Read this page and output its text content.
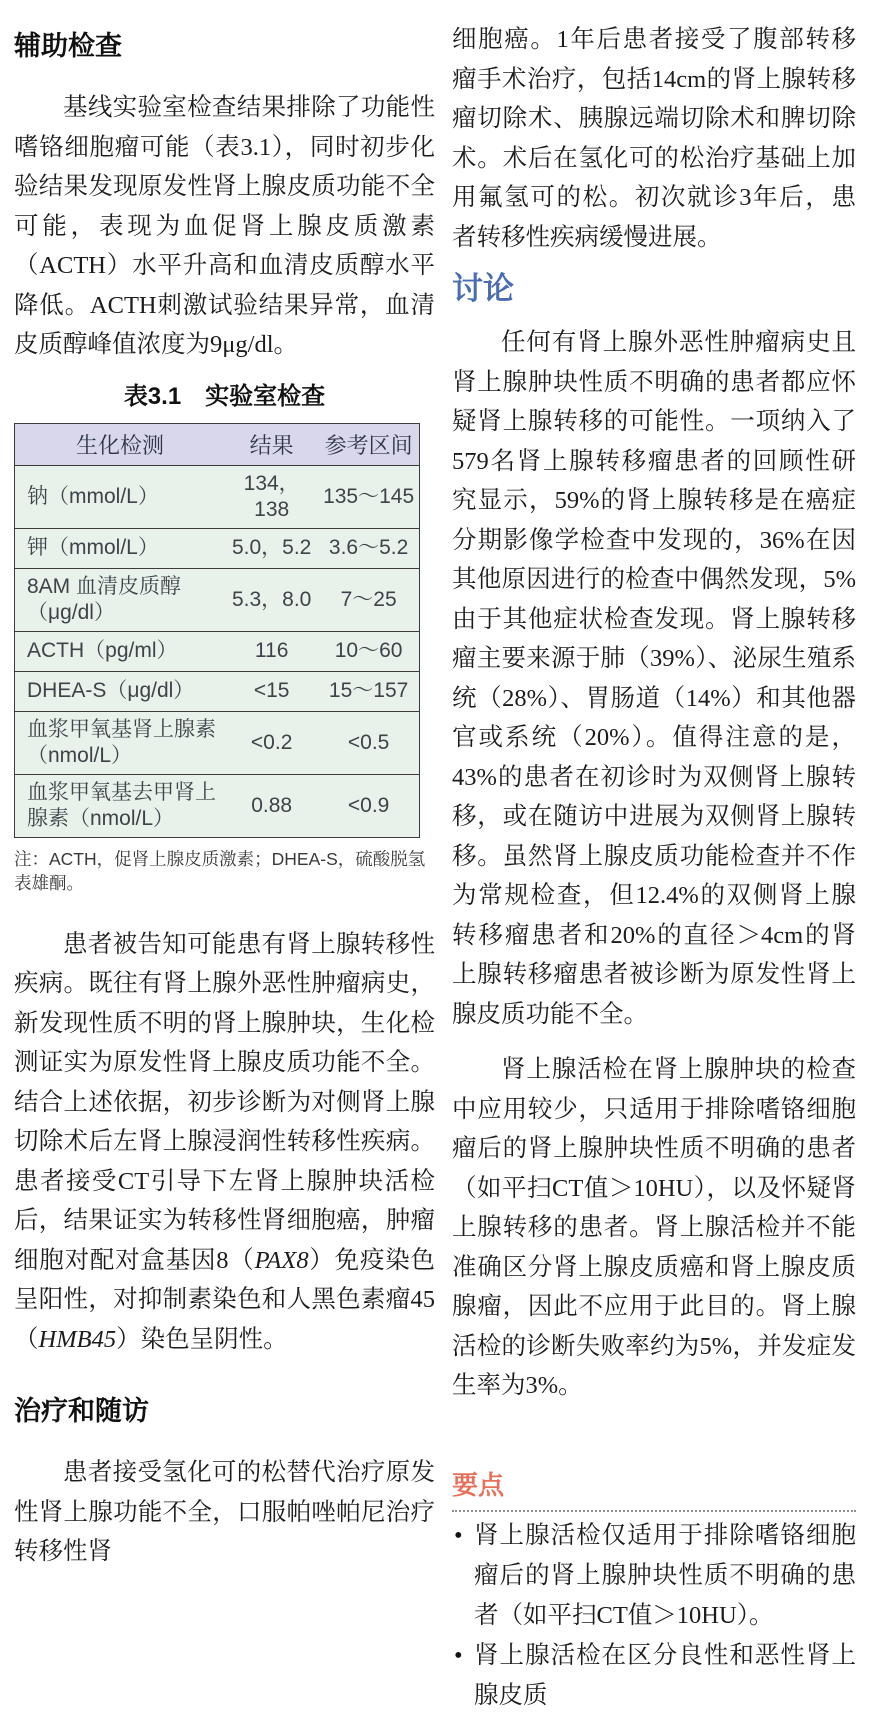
辅助检查

基线实验室检查结果排除了功能性嗜铬细胞瘤可能（表3.1），同时初步化验结果发现原发性肾上腺皮质功能不全可能，表现为血促肾上腺皮质激素（ACTH）水平升高和血清皮质醇水平降低。ACTH刺激试验结果异常，血清皮质醇峰值浓度为9μg/dl。

表3.1　实验室检查
生化检测	结果	参考区间
钠（mmol/L）	134，138	135～145
钾（mmol/L）	5.0，5.2	3.6～5.2
8AM 血清皮质醇（μg/dl）	5.3，8.0	7～25
ACTH（pg/ml）	116	10～60
DHEA-S（μg/dl）	<15	15～157
血浆甲氧基肾上腺素（nmol/L）	<0.2	<0.5
血浆甲氧基去甲肾上腺素（nmol/L）	0.88	<0.9
注：ACTH，促肾上腺皮质激素；DHEA-S，硫酸脱氢表雄酮。

患者被告知可能患有肾上腺转移性疾病。既往有肾上腺外恶性肿瘤病史，新发现性质不明的肾上腺肿块，生化检测证实为原发性肾上腺皮质功能不全。结合上述依据，初步诊断为对侧肾上腺切除术后左肾上腺浸润性转移性疾病。患者接受CT引导下左肾上腺肿块活检后，结果证实为转移性肾细胞癌，肿瘤细胞对配对盒基因8（PAX8）免疫染色呈阳性，对抑制素染色和人黑色素瘤45（HMB45）染色呈阴性。

治疗和随访

患者接受氢化可的松替代治疗原发性肾上腺功能不全，口服帕唑帕尼治疗转移性肾

细胞癌。1年后患者接受了腹部转移瘤手术治疗，包括14cm的肾上腺转移瘤切除术、胰腺远端切除术和脾切除术。术后在氢化可的松治疗基础上加用氟氢可的松。初次就诊3年后，患者转移性疾病缓慢进展。

讨论

任何有肾上腺外恶性肿瘤病史且肾上腺肿块性质不明确的患者都应怀疑肾上腺转移的可能性。一项纳入了579名肾上腺转移瘤患者的回顾性研究显示，59%的肾上腺转移是在癌症分期影像学检查中发现的，36%在因其他原因进行的检查中偶然发现，5%由于其他症状检查发现。肾上腺转移瘤主要来源于肺（39%）、泌尿生殖系统（28%）、胃肠道（14%）和其他器官或系统（20%）。值得注意的是，43%的患者在初诊时为双侧肾上腺转移，或在随访中进展为双侧肾上腺转移。虽然肾上腺皮质功能检查并不作为常规检查，但12.4%的双侧肾上腺转移瘤患者和20%的直径＞4cm的肾上腺转移瘤患者被诊断为原发性肾上腺皮质功能不全。

肾上腺活检在肾上腺肿块的检查中应用较少，只适用于排除嗜铬细胞瘤后的肾上腺肿块性质不明确的患者（如平扫CT值＞10HU），以及怀疑肾上腺转移的患者。肾上腺活检并不能准确区分肾上腺皮质癌和肾上腺皮质腺瘤，因此不应用于此目的。肾上腺活检的诊断失败率约为5%，并发症发生率为3%。

要点
• 肾上腺活检仅适用于排除嗜铬细胞瘤后的肾上腺肿块性质不明确的患者（如平扫CT值＞10HU）。
• 肾上腺活检在区分良性和恶性肾上腺皮质
